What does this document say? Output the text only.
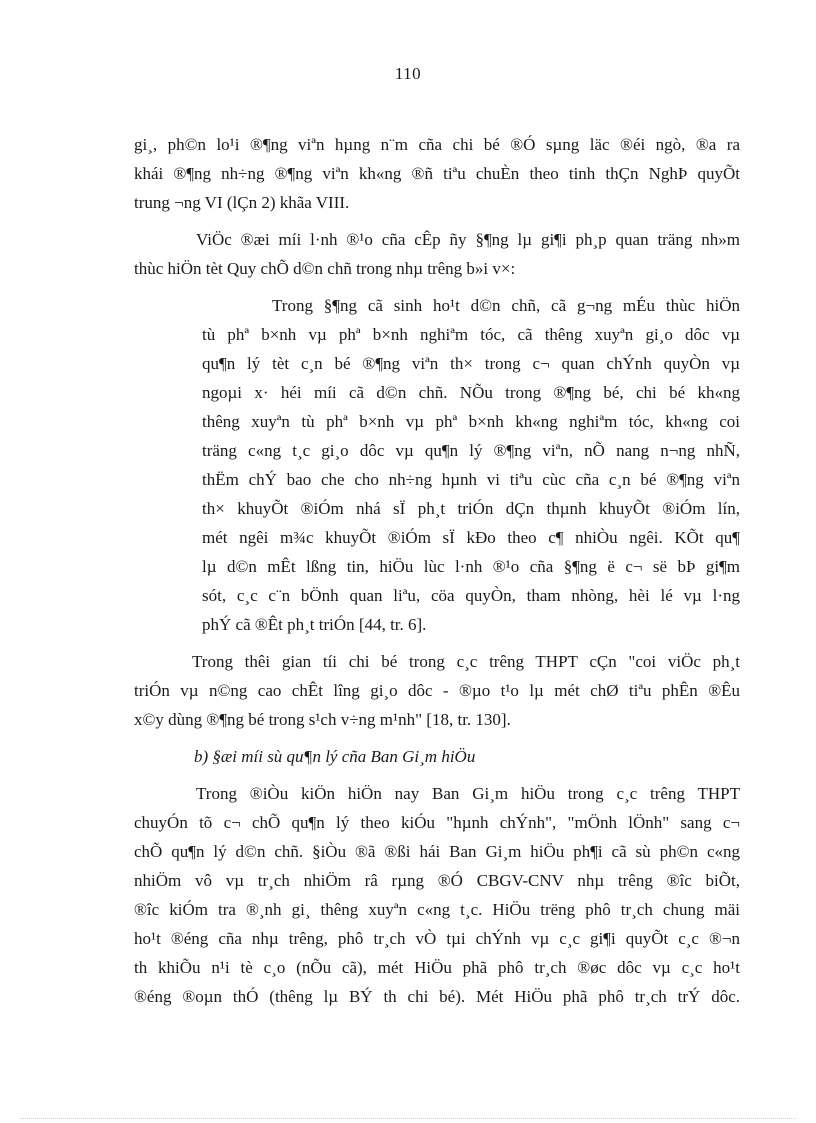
110
gi¸, ph©n lo¹i ®¶ng viªn hµng n¨m cña chi bé ®Ó sµng läc ®éi ngò, ®a ra
khái ®¶ng nh÷ng ®¶ng viªn kh«ng ®ñ tiªu chuÈn theo tinh thÇn NghÞ quyÕt
trung ¬ng VI (lÇn 2) khãa VIII.
ViÖc ®æi míi l·nh ®¹o cña cÊp ñy §¶ng lµ gi¶i ph¸p quan träng nh»m
thùc hiÖn tèt Quy chÕ d©n chñ trong nhµ trêng b»i v×:
Trong §¶ng cã sinh ho¹t d©n chñ, cã g¬ng mÉu thùc hiÖn
tù phª b×nh vµ phª b×nh nghiªm tóc, cã thêng xuyªn gi¸o dôc vµ
qu¶n lý tèt c¸n bé ®¶ng viªn th× trong c¬ quan chÝnh quyÒn vµ
ngoµi x· héi míi cã d©n chñ. NÕu trong ®¶ng bé, chi bé kh«ng
thêng xuyªn tù phª b×nh vµ phª b×nh kh«ng nghiªm tóc, kh«ng coi
träng c«ng t¸c gi¸o dôc vµ qu¶n lý ®¶ng viªn, nÕ nang n¬ng nhÑ,
thËm chÝ bao che cho nh÷ng hµnh vi tiªu cùc cña c¸n bé ®¶ng viªn
th× khuyÕt ®iÓm nhá sÏ ph¸t triÓn dÇn thµnh khuyÕt ®iÓm lín,
mét ngêi m¾c khuyÕt ®iÓm sÏ kÐo theo c¶ nhiÒu ngêi. KÕt qu¶
lµ d©n mÊt lßng tin, hiÖu lùc l·nh ®¹o cña §¶ng ë c¬ së bÞ gi¶m
sót, c¸c c¨n bÖnh quan liªu, cöa quyÒn, tham nhòng, hèi lé vµ l·ng
phÝ cã ®Êt ph¸t triÓn [44, tr. 6].
Trong thêi gian tíi chi bé trong c¸c trêng THPT cÇn "coi viÖc ph¸t
triÓn vµ n©ng cao chÊt lîng gi¸o dôc - ®µo t¹o lµ mét chØ tiªu phÊn ®Êu
x©y dùng ®¶ng bé trong s¹ch v÷ng m¹nh" [18, tr. 130].
b) §æi míi sù qu¶n lý cña Ban Gi¸m hiÖu
Trong ®iÒu kiÖn hiÖn nay Ban Gi¸m hiÖu trong c¸c trêng THPT
chuyÓn tõ c¬ chÕ qu¶n lý theo kiÓu "hµnh chÝnh", "mÖnh lÖnh" sang c¬
chÕ qu¶n lý d©n chñ. §iÒu ®ã ®ßi hái Ban Gi¸m hiÖu ph¶i cã sù ph©n c«ng
nhiÖm vô vµ tr¸ch nhiÖm râ rµng ®Ó CBGV-CNV nhµ trêng ®îc biÕt,
®îc kiÓm tra ®¸nh gi¸ thêng xuyªn c«ng t¸c. HiÖu trëng phô tr¸ch chung mäi
ho¹t ®éng cña nhµ trêng, phô tr¸ch vÒ tµi chÝnh vµ c¸c gi¶i quyÕt c¸c ®¬n
th khiÕu n¹i tè c¸o (nÕu cã), mét HiÖu phã phô tr¸ch ®øc dôc vµ c¸c ho¹t
®éng ®oµn thÓ (thêng lµ BÝ th chi bé). Mét HiÖu phã phô tr¸ch trÝ dôc.
